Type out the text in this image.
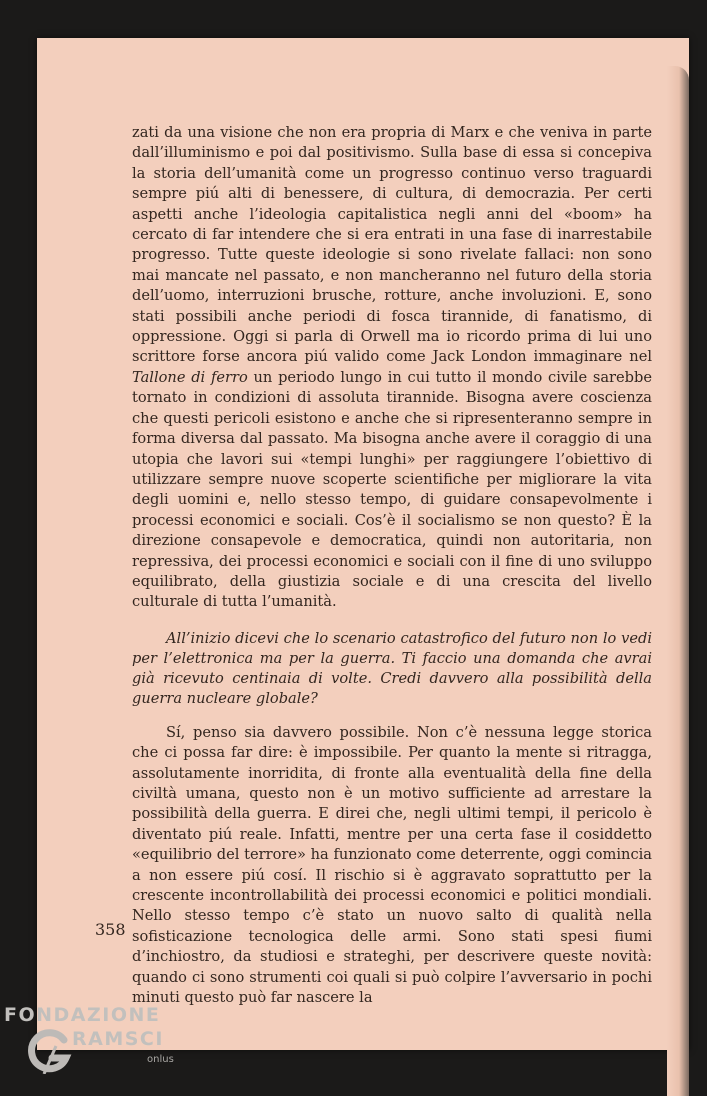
zati da una visione che non era propria di Marx e che veniva in parte dall’illuminismo e poi dal positivismo. Sulla base di essa si concepiva la storia dell’umanità come un progresso continuo verso traguardi sempre piú alti di benessere, di cultura, di democrazia. Per certi aspetti anche l’ideologia capitalistica negli anni del «boom» ha cercato di far intendere che si era entrati in una fase di inarrestabile progresso. Tutte queste ideologie si sono rivelate fallaci: non sono mai mancate nel passato, e non mancheranno nel futuro della storia dell’uomo, interruzioni brusche, rotture, anche involuzioni. E, sono stati possibili anche periodi di fosca tirannide, di fanatismo, di oppressione. Oggi si parla di Orwell ma io ricordo prima di lui uno scrittore forse ancora piú valido come Jack London immaginare nel Tallone di ferro un periodo lungo in cui tutto il mondo civile sarebbe tornato in condizioni di assoluta tirannide. Bisogna avere coscienza che questi pericoli esistono e anche che si ripresenteranno sempre in forma diversa dal passato. Ma bisogna anche avere il coraggio di una utopia che lavori sui «tempi lunghi» per raggiungere l’obiettivo di utilizzare sempre nuove scoperte scientifiche per migliorare la vita degli uomini e, nello stesso tempo, di guidare consapevolmente i processi economici e sociali. Cos’è il socialismo se non questo? È la direzione consapevole e democratica, quindi non autoritaria, non repressiva, dei processi economici e sociali con il fine di uno sviluppo equilibrato, della giustizia sociale e di una crescita del livello culturale di tutta l’umanità.

All’inizio dicevi che lo scenario catastrofico del futuro non lo vedi per l’elettronica ma per la guerra. Ti faccio una domanda che avrai già ricevuto centinaia di volte. Credi davvero alla possibilità della guerra nucleare globale?

Sí, penso sia davvero possibile. Non c’è nessuna legge storica che ci possa far dire: è impossibile. Per quanto la mente si ritragga, assolutamente inorridita, di fronte alla eventualità della fine della civiltà umana, questo non è un motivo sufficiente ad arrestare la possibilità della guerra. E direi che, negli ultimi tempi, il pericolo è diventato piú reale. Infatti, mentre per una certa fase il cosiddetto «equilibrio del terrore» ha funzionato come deterrente, oggi comincia a non essere piú cosí. Il rischio si è aggravato soprattutto per la crescente incontrollabilità dei processi economici e politici mondiali. Nello stesso tempo c’è stato un nuovo salto di qualità nella sofisticazione tecnologica delle armi. Sono stati spesi fiumi d’inchiostro, da studiosi e strateghi, per descrivere queste novità: quando ci sono strumenti coi quali si può colpire l’avversario in pochi minuti questo può far nascere la

358
FONDAZIONE
RAMSCI
onlus
